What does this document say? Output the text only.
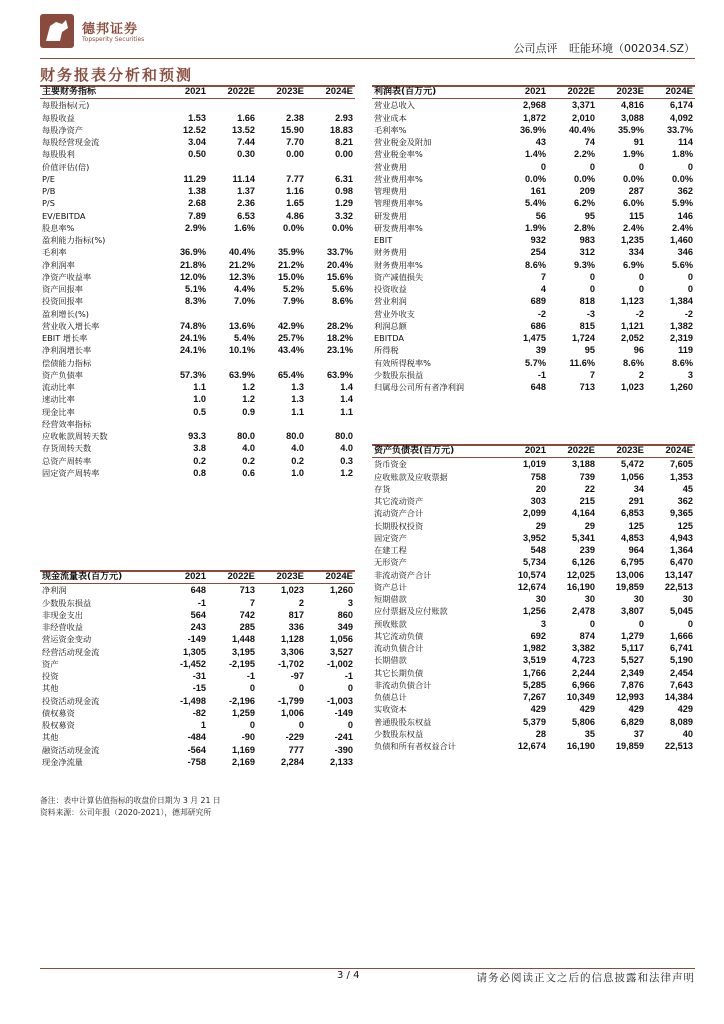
德邦证券
Topsperity Securities
公司点评 旺能环境（002034.SZ）
财务报表分析和预测
主要财务指标	2021	2022E	2023E	2024E
每股指标(元)				
每股收益	1.53	1.66	2.38	2.93
每股净资产	12.52	13.52	15.90	18.83
每股经营现金流	3.04	7.44	7.70	8.21
每股股利	0.50	0.30	0.00	0.00
价值评估(倍)				
P/E	11.29	11.14	7.77	6.31
P/B	1.38	1.37	1.16	0.98
P/S	2.68	2.36	1.65	1.29
EV/EBITDA	7.89	6.53	4.86	3.32
股息率%	2.9%	1.6%	0.0%	0.0%
盈利能力指标(%)				
毛利率	36.9%	40.4%	35.9%	33.7%
净利润率	21.8%	21.2%	21.2%	20.4%
净资产收益率	12.0%	12.3%	15.0%	15.6%
资产回报率	5.1%	4.4%	5.2%	5.6%
投资回报率	8.3%	7.0%	7.9%	8.6%
盈利增长(%)				
营业收入增长率	74.8%	13.6%	42.9%	28.2%
EBIT 增长率	24.1%	5.4%	25.7%	18.2%
净利润增长率	24.1%	10.1%	43.4%	23.1%
偿债能力指标				
资产负债率	57.3%	63.9%	65.4%	63.9%
流动比率	1.1	1.2	1.3	1.4
速动比率	1.0	1.2	1.3	1.4
现金比率	0.5	0.9	1.1	1.1
经营效率指标				
应收帐款周转天数	93.3	80.0	80.0	80.0
存货周转天数	3.8	4.0	4.0	4.0
总资产周转率	0.2	0.2	0.2	0.3
固定资产周转率	0.8	0.6	1.0	1.2
利润表(百万元)	2021	2022E	2023E	2024E
营业总收入	2,968	3,371	4,816	6,174
营业成本	1,872	2,010	3,088	4,092
毛利率%	36.9%	40.4%	35.9%	33.7%
营业税金及附加	43	74	91	114
营业税金率%	1.4%	2.2%	1.9%	1.8%
营业费用	0	0	0	0
营业费用率%	0.0%	0.0%	0.0%	0.0%
管理费用	161	209	287	362
管理费用率%	5.4%	6.2%	6.0%	5.9%
研发费用	56	95	115	146
研发费用率%	1.9%	2.8%	2.4%	2.4%
EBIT	932	983	1,235	1,460
财务费用	254	312	334	346
财务费用率%	8.6%	9.3%	6.9%	5.6%
资产减值损失	7	0	0	0
投资收益	4	0	0	0
营业利润	689	818	1,123	1,384
营业外收支	-2	-3	-2	-2
利润总额	686	815	1,121	1,382
EBITDA	1,475	1,724	2,052	2,319
所得税	39	95	96	119
有效所得税率%	5.7%	11.6%	8.6%	8.6%
少数股东损益	-1	7	2	3
归属母公司所有者净利润	648	713	1,023	1,260
资产负债表(百万元)	2021	2022E	2023E	2024E
货币资金	1,019	3,188	5,472	7,605
应收账款及应收票据	758	739	1,056	1,353
存货	20	22	34	45
其它流动资产	303	215	291	362
流动资产合计	2,099	4,164	6,853	9,365
长期股权投资	29	29	125	125
固定资产	3,952	5,341	4,853	4,943
在建工程	548	239	964	1,364
无形资产	5,734	6,126	6,795	6,470
非流动资产合计	10,574	12,025	13,006	13,147
资产总计	12,674	16,190	19,859	22,513
短期借款	30	30	30	30
应付票据及应付账款	1,256	2,478	3,807	5,045
预收账款	3	0	0	0
其它流动负债	692	874	1,279	1,666
流动负债合计	1,982	3,382	5,117	6,741
长期借款	3,519	4,723	5,527	5,190
其它长期负债	1,766	2,244	2,349	2,454
非流动负债合计	5,285	6,966	7,876	7,643
负债总计	7,267	10,349	12,993	14,384
实收资本	429	429	429	429
普通股股东权益	5,379	5,806	6,829	8,089
少数股东权益	28	35	37	40
负债和所有者权益合计	12,674	16,190	19,859	22,513
现金流量表(百万元)	2021	2022E	2023E	2024E
净利润	648	713	1,023	1,260
少数股东损益	-1	7	2	3
非现金支出	564	742	817	860
非经营收益	243	285	336	349
营运资金变动	-149	1,448	1,128	1,056
经营活动现金流	1,305	3,195	3,306	3,527
资产	-1,452	-2,195	-1,702	-1,002
投资	-31	-1	-97	-1
其他	-15	0	0	0
投资活动现金流	-1,498	-2,196	-1,799	-1,003
债权募资	-82	1,259	1,006	-149
股权募资	1	0	0	0
其他	-484	-90	-229	-241
融资活动现金流	-564	1,169	777	-390
现金净流量	-758	2,169	2,284	2,133
备注：表中计算估值指标的收盘价日期为 3 月 21 日
资料来源：公司年报（2020-2021），德邦研究所
3 / 4	请务必阅读正文之后的信息披露和法律声明
